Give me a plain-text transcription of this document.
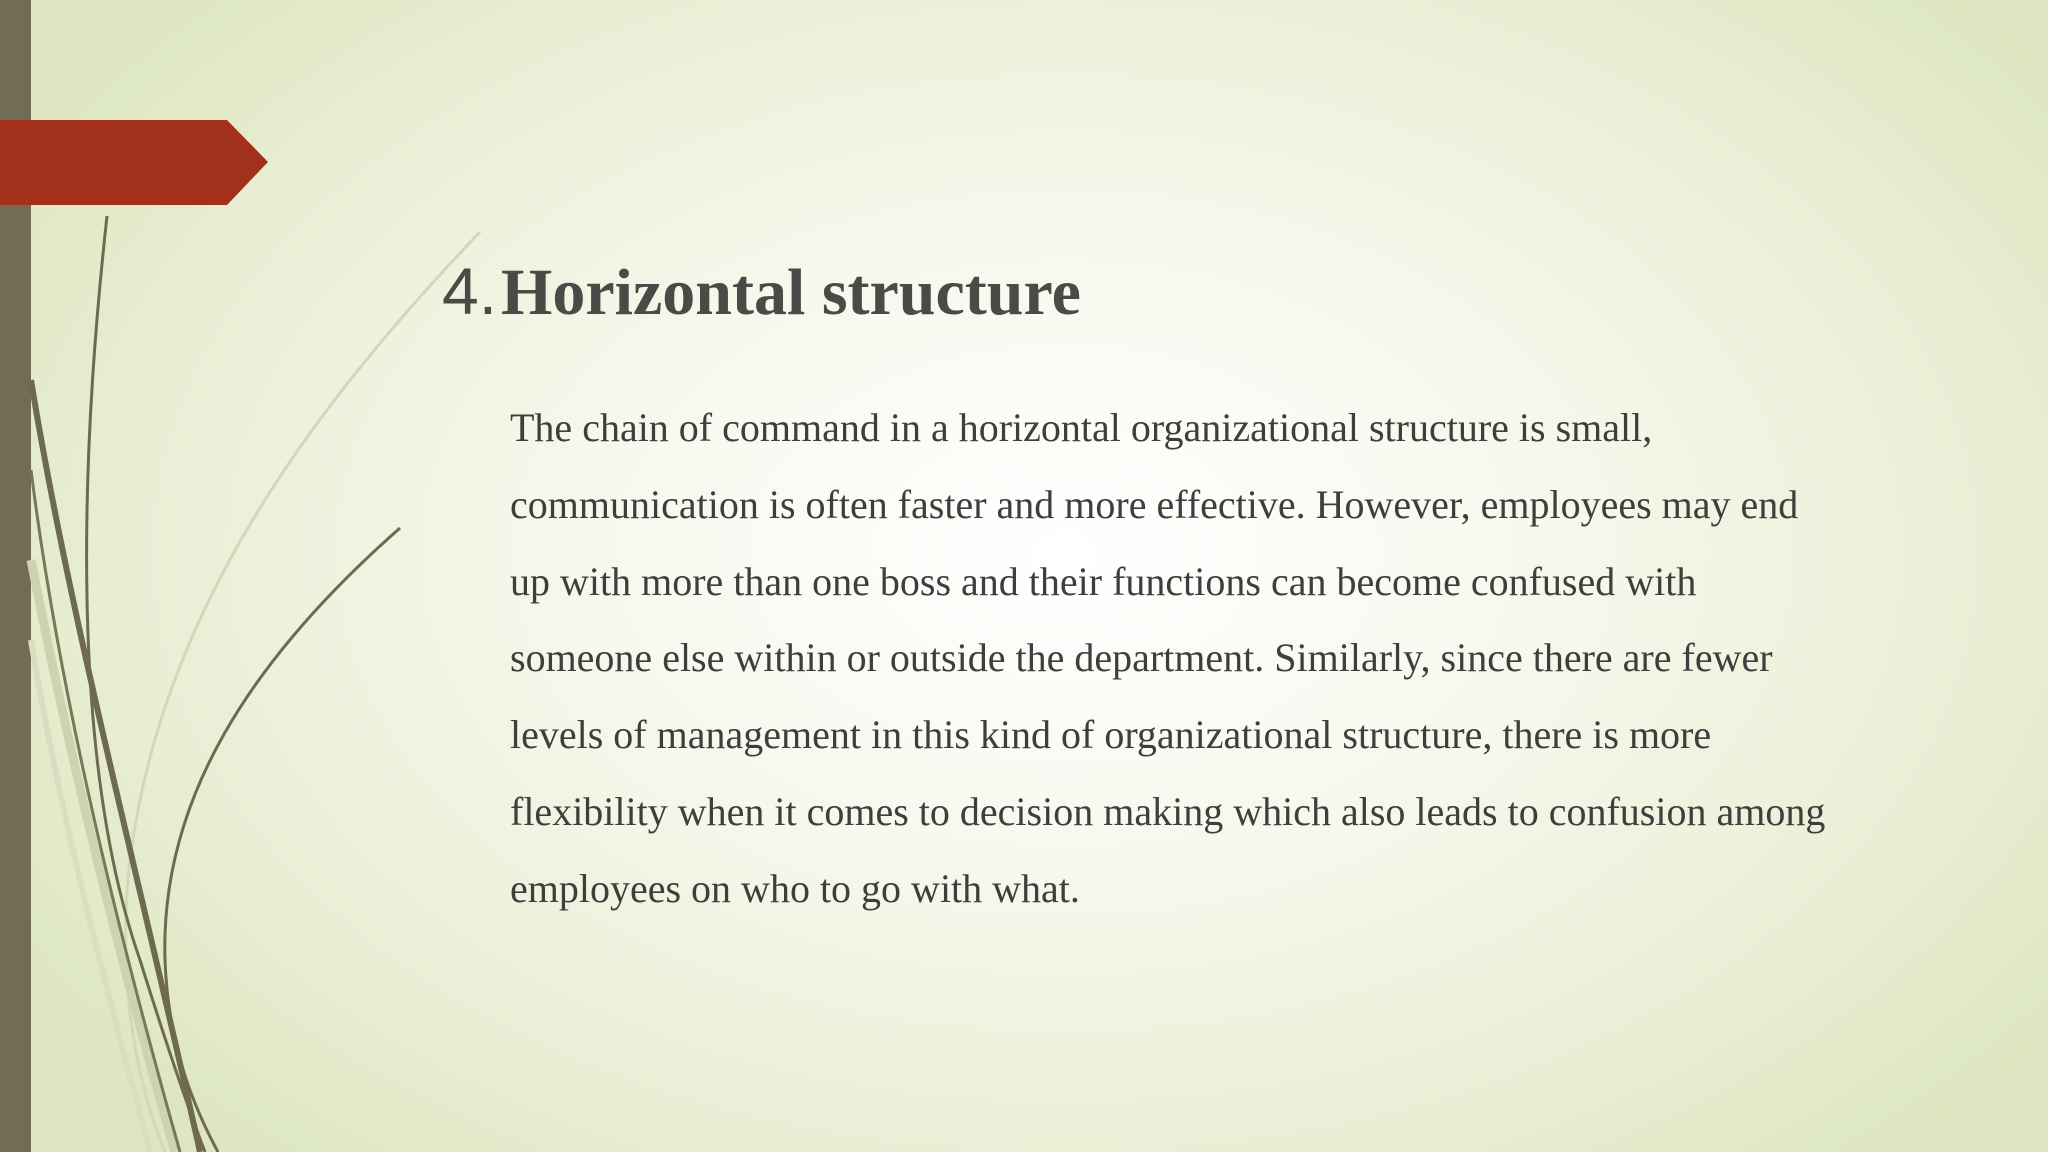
4.Horizontal structure

The chain of command in a horizontal organizational structure is small,
communication is often faster and more effective. However, employees may end
up with more than one boss and their functions can become confused with
someone else within or outside the department. Similarly, since there are fewer
levels of management in this kind of organizational structure, there is more
flexibility when it comes to decision making which also leads to confusion among
employees on who to go with what.
